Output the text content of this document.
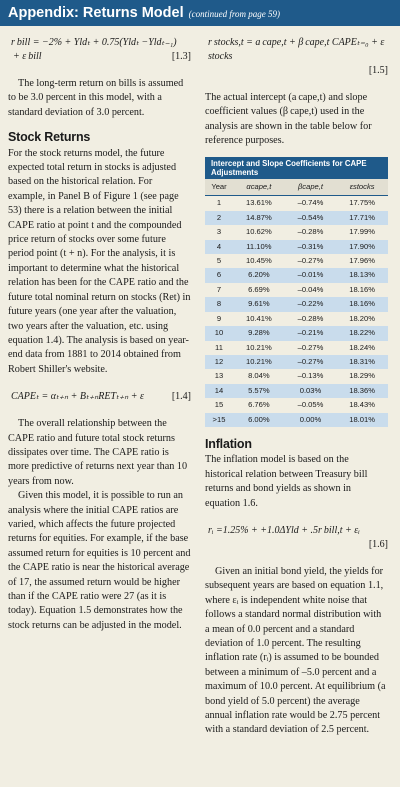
Appendix: Returns Model (continued from page 59)
r bill = −2% + Yldₜ + 0.75(Yldₜ −Yldₜ₋₁)
+ ε bill	[1.3]

The long-term return on bills is assumed to be 3.0 percent in this model, with a standard deviation of 3.0 percent.

Stock Returns

For the stock returns model, the future expected total return in stocks is adjusted based on the historical relation. For example, in Panel B of Figure 1 (see page 53) there is a relation between the initial CAPE ratio at point t and the compounded price return of stocks over some future period point (t + n). For the analysis, it is important to determine what the historical relation has been for the CAPE ratio and the future total nominal return on stocks (Ret) in future years (one year after the valuation, two years after the valuation, etc. using equation 1.4). The analysis is based on year-end data from 1881 to 2014 obtained from Robert Shiller's website.

CAPEₜ = αₜ₊ₙ + Bₜ₊ₙRETₜ₊ₙ + ε	[1.4]

The overall relationship between the CAPE ratio and future total stock returns dissipates over time. The CAPE ratio is more predictive of returns next year than 10 years from now.

Given this model, it is possible to run an analysis where the initial CAPE ratios are varied, which affects the future projected returns for equities. For example, if the base assumed return for equities is 10 percent and the CAPE ratio is near the historical average of 17, the assumed return would be higher than if the CAPE ratio were 27 (as it is today). Equation 1.5 demonstrates how the stock returns can be adjusted in the model.

r stocks,t = a cape,t + β cape,t CAPEₜ₌₀ + ε stocks
[1.5]

The actual intercept (a cape,t) and slope coefficient values (β cape,t) used in the analysis are shown in the table below for reference purposes.

Intercept and Slope Coefficients for CAPE Adjustments			
Year	αcape,t	βcape,t	εstocks
1	13.61%	–0.74%	17.75%
2	14.87%	–0.54%	17.71%
3	10.62%	–0.28%	17.99%
4	11.10%	–0.31%	17.90%
5	10.45%	–0.27%	17.96%
6	6.20%	–0.01%	18.13%
7	6.69%	–0.04%	18.16%
8	9.61%	–0.22%	18.16%
9	10.41%	–0.28%	18.20%
10	9.28%	–0.21%	18.22%
11	10.21%	–0.27%	18.24%
12	10.21%	–0.27%	18.31%
13	8.04%	–0.13%	18.29%
14	5.57%	0.03%	18.36%
15	6.76%	–0.05%	18.43%
>15	6.00%	0.00%	18.01%
Inflation

The inflation model is based on the historical relation between Treasury bill returns and bond yields as shown in equation 1.6.

rᵢ =1.25% + +1.0ΔYld + .5r bill,t + εᵢ
[1.6]

Given an initial bond yield, the yields for subsequent years are based on equation 1.1, where εᵢ is independent white noise that follows a standard normal distribution with a mean of 0.0 percent and a standard deviation of 1.0 percent. The resulting inflation rate (rᵢ) is assumed to be bounded between a minimum of –5.0 percent and a maximum of 10.0 percent. At equilibrium (a bond yield of 5.0 percent) the average annual inflation rate would be 2.75 percent with a standard deviation of 2.5 percent.
